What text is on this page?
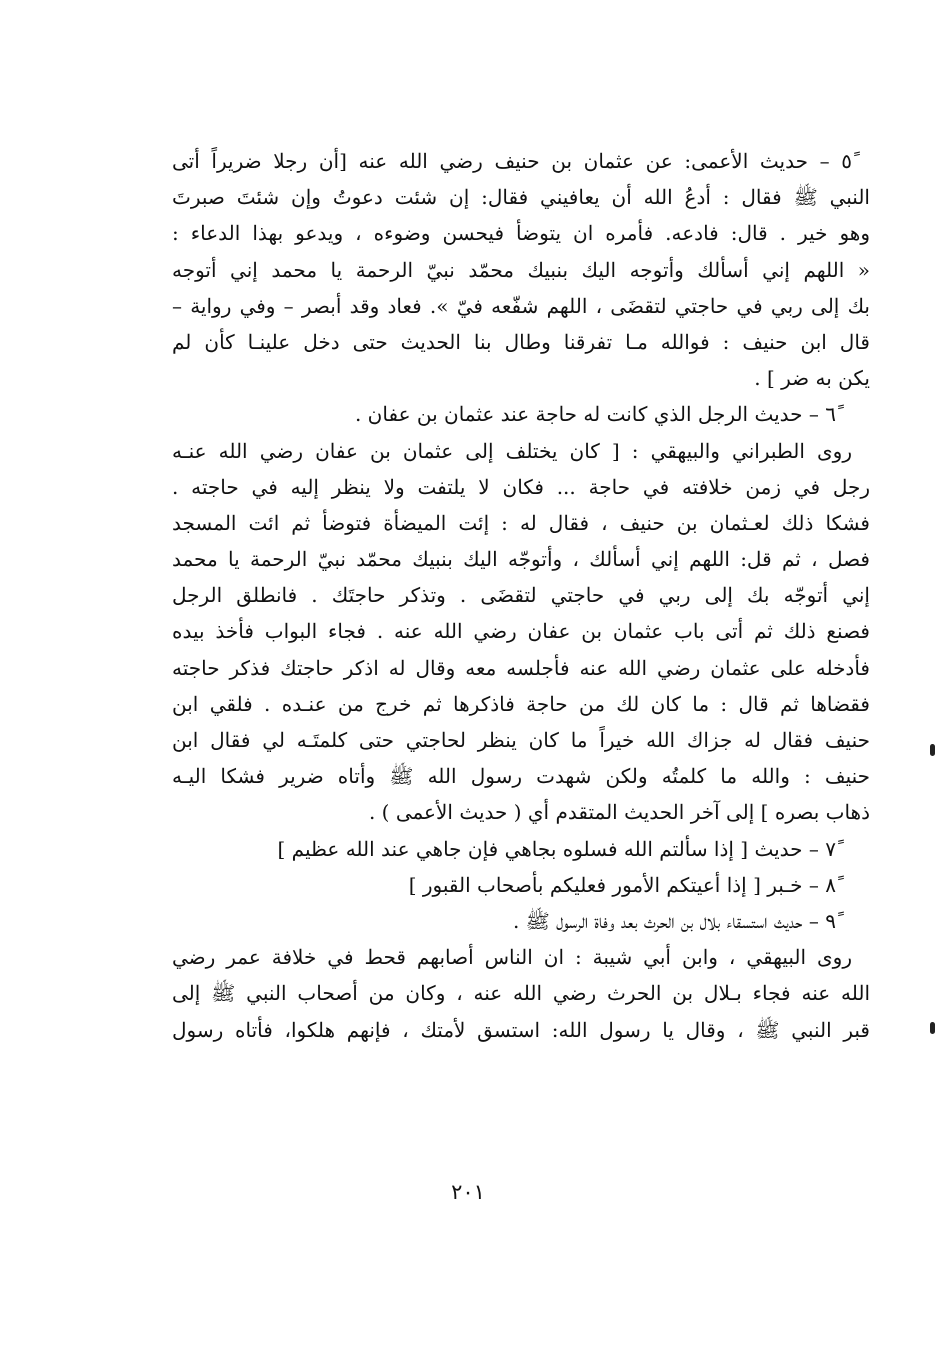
٥ً – حديث الأعمى: عن عثمان بن حنيف رضي الله عنه [أن رجلا ضريراً أتى
النبي ﷺ فقال : أدعُ الله أن يعافيني فقال: إن شئت دعوتُ وإن شئتَ صبرتَ
وهو خير . قال: فادعه. فأمره ان يتوضأ فيحسن وضوءه ، ويدعو بهذا الدعاء :
« اللهم إني أسألك وأتوجه اليك بنبيك محمّد نبيّ الرحمة يا محمد إني أتوجه
بك إلى ربي في حاجتي لتقضَى ، اللهم شفّعه فيّ ». فعاد وقد أبصر – وفي رواية –
قال ابن حنيف : فوالله مـا تفرقنا وطال بنا الحديث حتى دخل علينـا كأن لم
يكن به ضر ] .
٦ً – حديث الرجل الذي كانت له حاجة عند عثمان بن عفان .
روى الطبراني والبيهقي : [ كان يختلف إلى عثمان بن عفان رضي الله عنـه
رجل في زمن خلافته في حاجة ... فكان لا يلتفت ولا ينظر إليه في حاجته .
فشكا ذلك لعـثمان بن حنيف ، فقال له : إئت الميضأة فتوضأ ثم ائت المسجد
فصل ، ثم قل: اللهم إني أسألك ، وأتوجّه اليك بنبيك محمّد نبيّ الرحمة يا محمد
إني أتوجّه بك إلى ربي في حاجتي لتقضَى . وتذكر حاجتَك . فانطلق الرجل
فصنع ذلك ثم أتى باب عثمان بن عفان رضي الله عنه . فجاء البواب فأخذ بيده
فأدخله على عثمان رضي الله عنه فأجلسه معه وقال له اذكر حاجتك فذكر حاجته
فقضاها ثم قال : ما كان لك من حاجة فاذكرها ثم خرج من عنـده . فلقي ابن
حنيف فقال له جزاك الله خيراً ما كان ينظر لحاجتي حتى كلمتَـه لي فقال ابن
حنيف : والله ما كلمتُه ولكن شهدت رسول الله ﷺ وأتاه ضرير فشكا اليـه
ذهاب بصره ] إلى آخر الحديث المتقدم أي ( حديث الأعمى ) .
٧ً – حديث [ إذا سألتم الله فسلوه بجاهي فإن جاهي عند الله عظيم ]
٨ً – خـبر [ إذا أعيتكم الأمور فعليكم بأصحاب القبور ]
٩ً – حديث استسقاء بلال بن الحرث بعد وفاة الرسول ﷺ .
روى البيهقي ، وابن أبي شيبة : ان الناس أصابهم قحط في خلافة عمر رضي
الله عنه فجاء بـلال بن الحرث رضي الله عنه ، وكان من أصحاب النبي ﷺ إلى
قبر النبي ﷺ ، وقال يا رسول الله: استسق لأمتك ، فإنهم هلكوا، فأتاه رسول
٢٠١
